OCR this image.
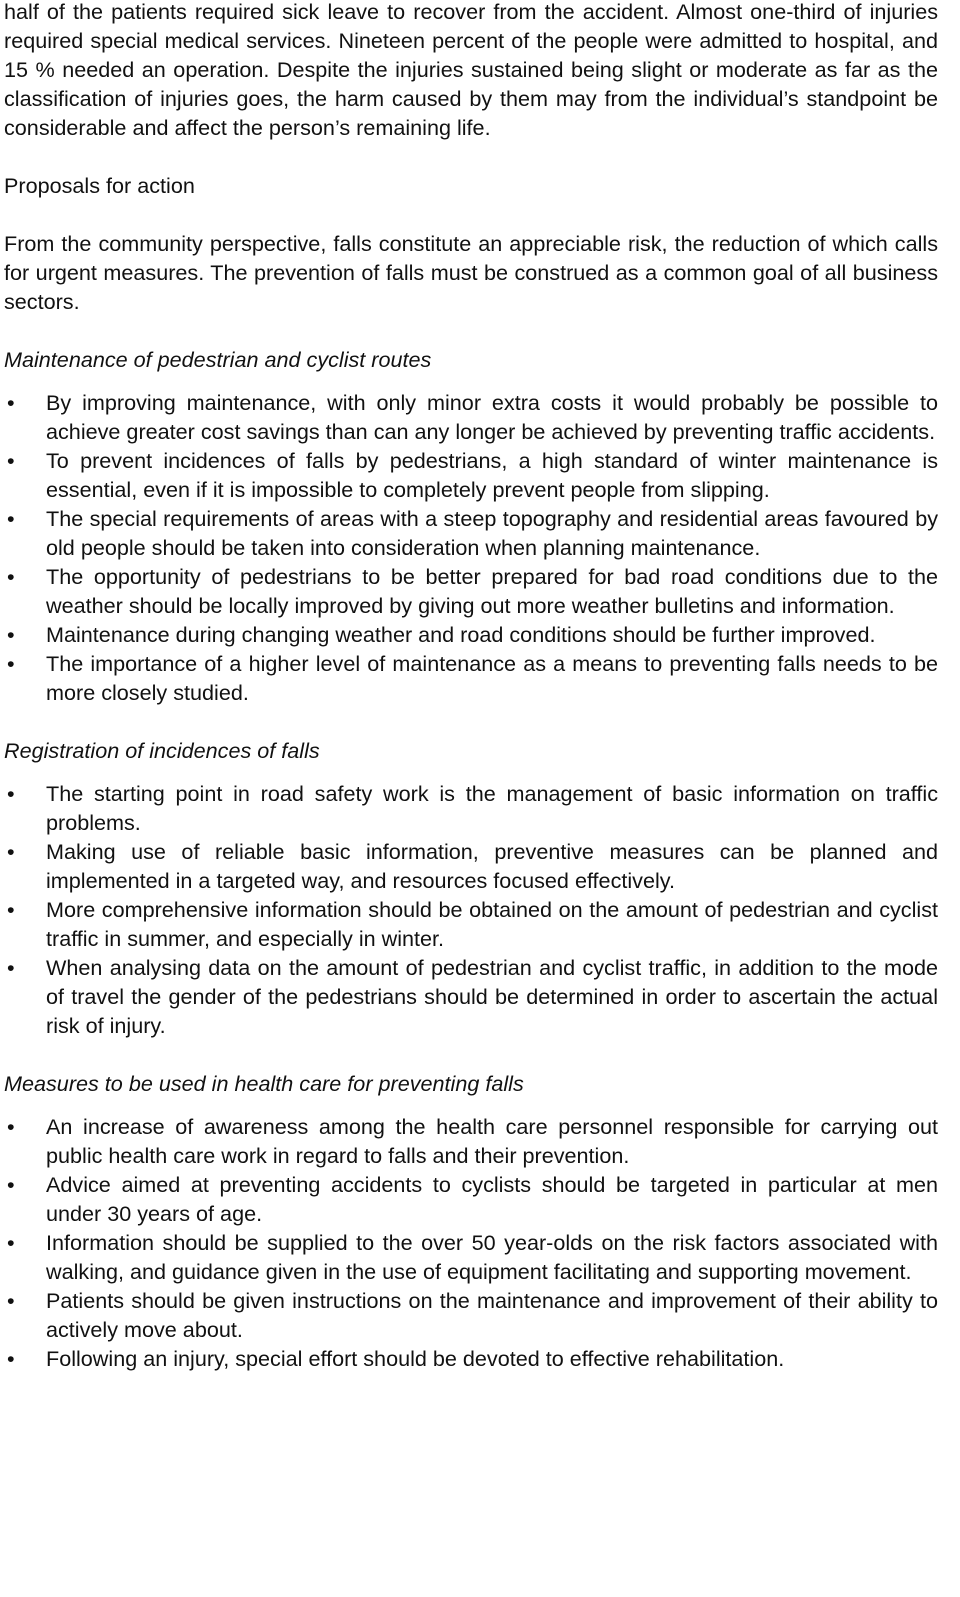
half of the patients required sick leave to recover from the accident. Almost one-third of injuries required special medical services. Nineteen percent of the people were admitted to hospital, and 15 % needed an operation. Despite the injuries sustained being slight or moderate as far as the classification of injuries goes, the harm caused by them may from the individual’s standpoint be considerable and affect the person’s remaining life.

Proposals for action

From the community perspective, falls constitute an appreciable risk, the reduction of which calls for urgent measures. The prevention of falls must be construed as a common goal of all business sectors.

Maintenance of pedestrian and cyclist routes

•	By improving maintenance, with only minor extra costs it would probably be possible to achieve greater cost savings than can any longer be achieved by preventing traffic accidents.
•	To prevent incidences of falls by pedestrians, a high standard of winter maintenance is essential, even if it is impossible to completely prevent people from slipping.
•	The special requirements of areas with a steep topography and residential areas favoured by old people should be taken into consideration when planning maintenance.
•	The opportunity of pedestrians to be better prepared for bad road conditions due to the weather should be locally improved by giving out more weather bulletins and information.
•	Maintenance during changing weather and road conditions should be further improved.
•	The importance of a higher level of maintenance as a means to preventing falls needs to be more closely studied.

Registration of incidences of falls

•	The starting point in road safety work is the management of basic information on traffic problems.
•	Making use of reliable basic information, preventive measures can be planned and implemented in a targeted way, and resources focused effectively.
•	More comprehensive information should be obtained on the amount of pedestrian and cyclist traffic in summer, and especially in winter.
•	When analysing data on the amount of pedestrian and cyclist traffic, in addition to the mode of travel the gender of the pedestrians should be determined in order to ascertain the actual risk of injury.

Measures to be used in health care for preventing falls

•	An increase of awareness among the health care personnel responsible for carrying out public health care work in regard to falls and their prevention.
•	Advice aimed at preventing accidents to cyclists should be targeted in particular at men under 30 years of age.
•	Information should be supplied to the over 50 year-olds on the risk factors associated with walking, and guidance given in the use of equipment facilitating and supporting movement.
•	Patients should be given instructions on the maintenance and improvement of their ability to actively move about.
•	Following an injury, special effort should be devoted to effective rehabilitation.
